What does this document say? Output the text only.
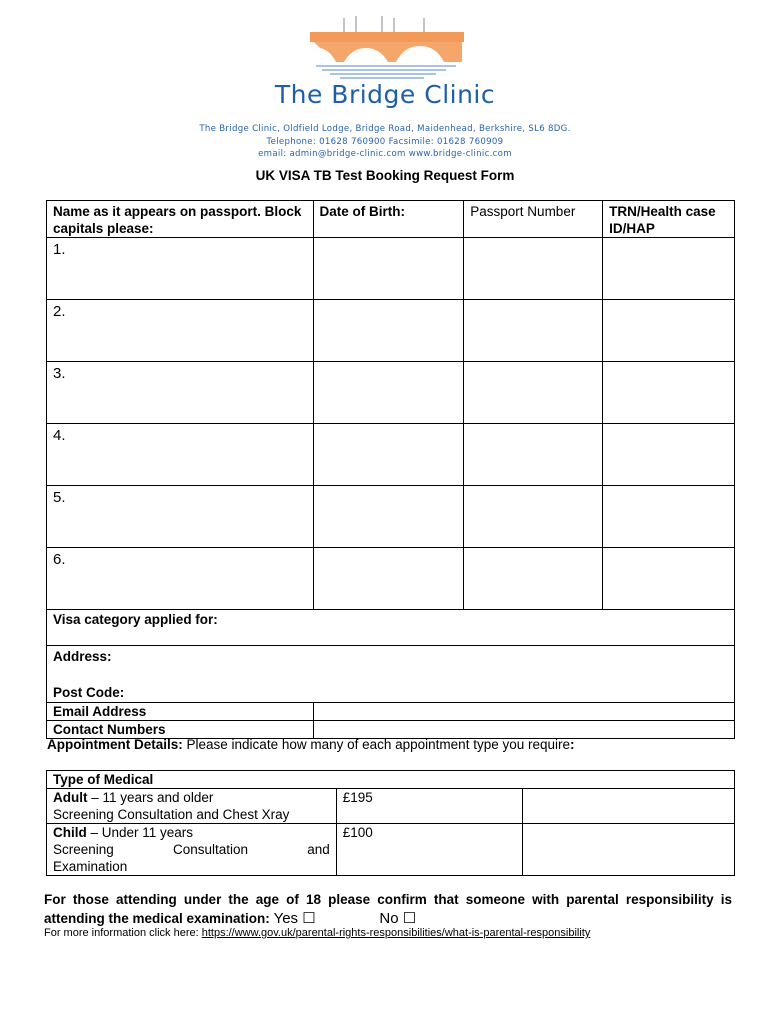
The Bridge Clinic
The Bridge Clinic, Oldfield Lodge, Bridge Road, Maidenhead, Berkshire, SL6 8DG.
Telephone: 01628 760900 Facsimile: 01628 760909
email: admin@bridge-clinic.com www.bridge-clinic.com
UK VISA TB Test Booking Request Form
Name as it appears on passport. Block capitals please:	Date of Birth:	Passport Number	TRN/Health case ID/HAP
1.			
2.			
3.			
4.			
5.			
6.			
Visa category applied for:			

Address:
Post Code:			

Email Address			
Contact Numbers			
Appointment Details: Please indicate how many of each appointment type you require:
Type of Medical		
Adult – 11 years and older
Screening Consultation and Chest Xray	£195	
Child – Under 11 years
Screening Consultation and
Examination	£100	
For those attending under the age of 18 please confirm that someone with parental responsibility is attending the medical examination: Yes ☐	No ☐
For more information click here: https://www.gov.uk/parental-rights-responsibilities/what-is-parental-responsibility
